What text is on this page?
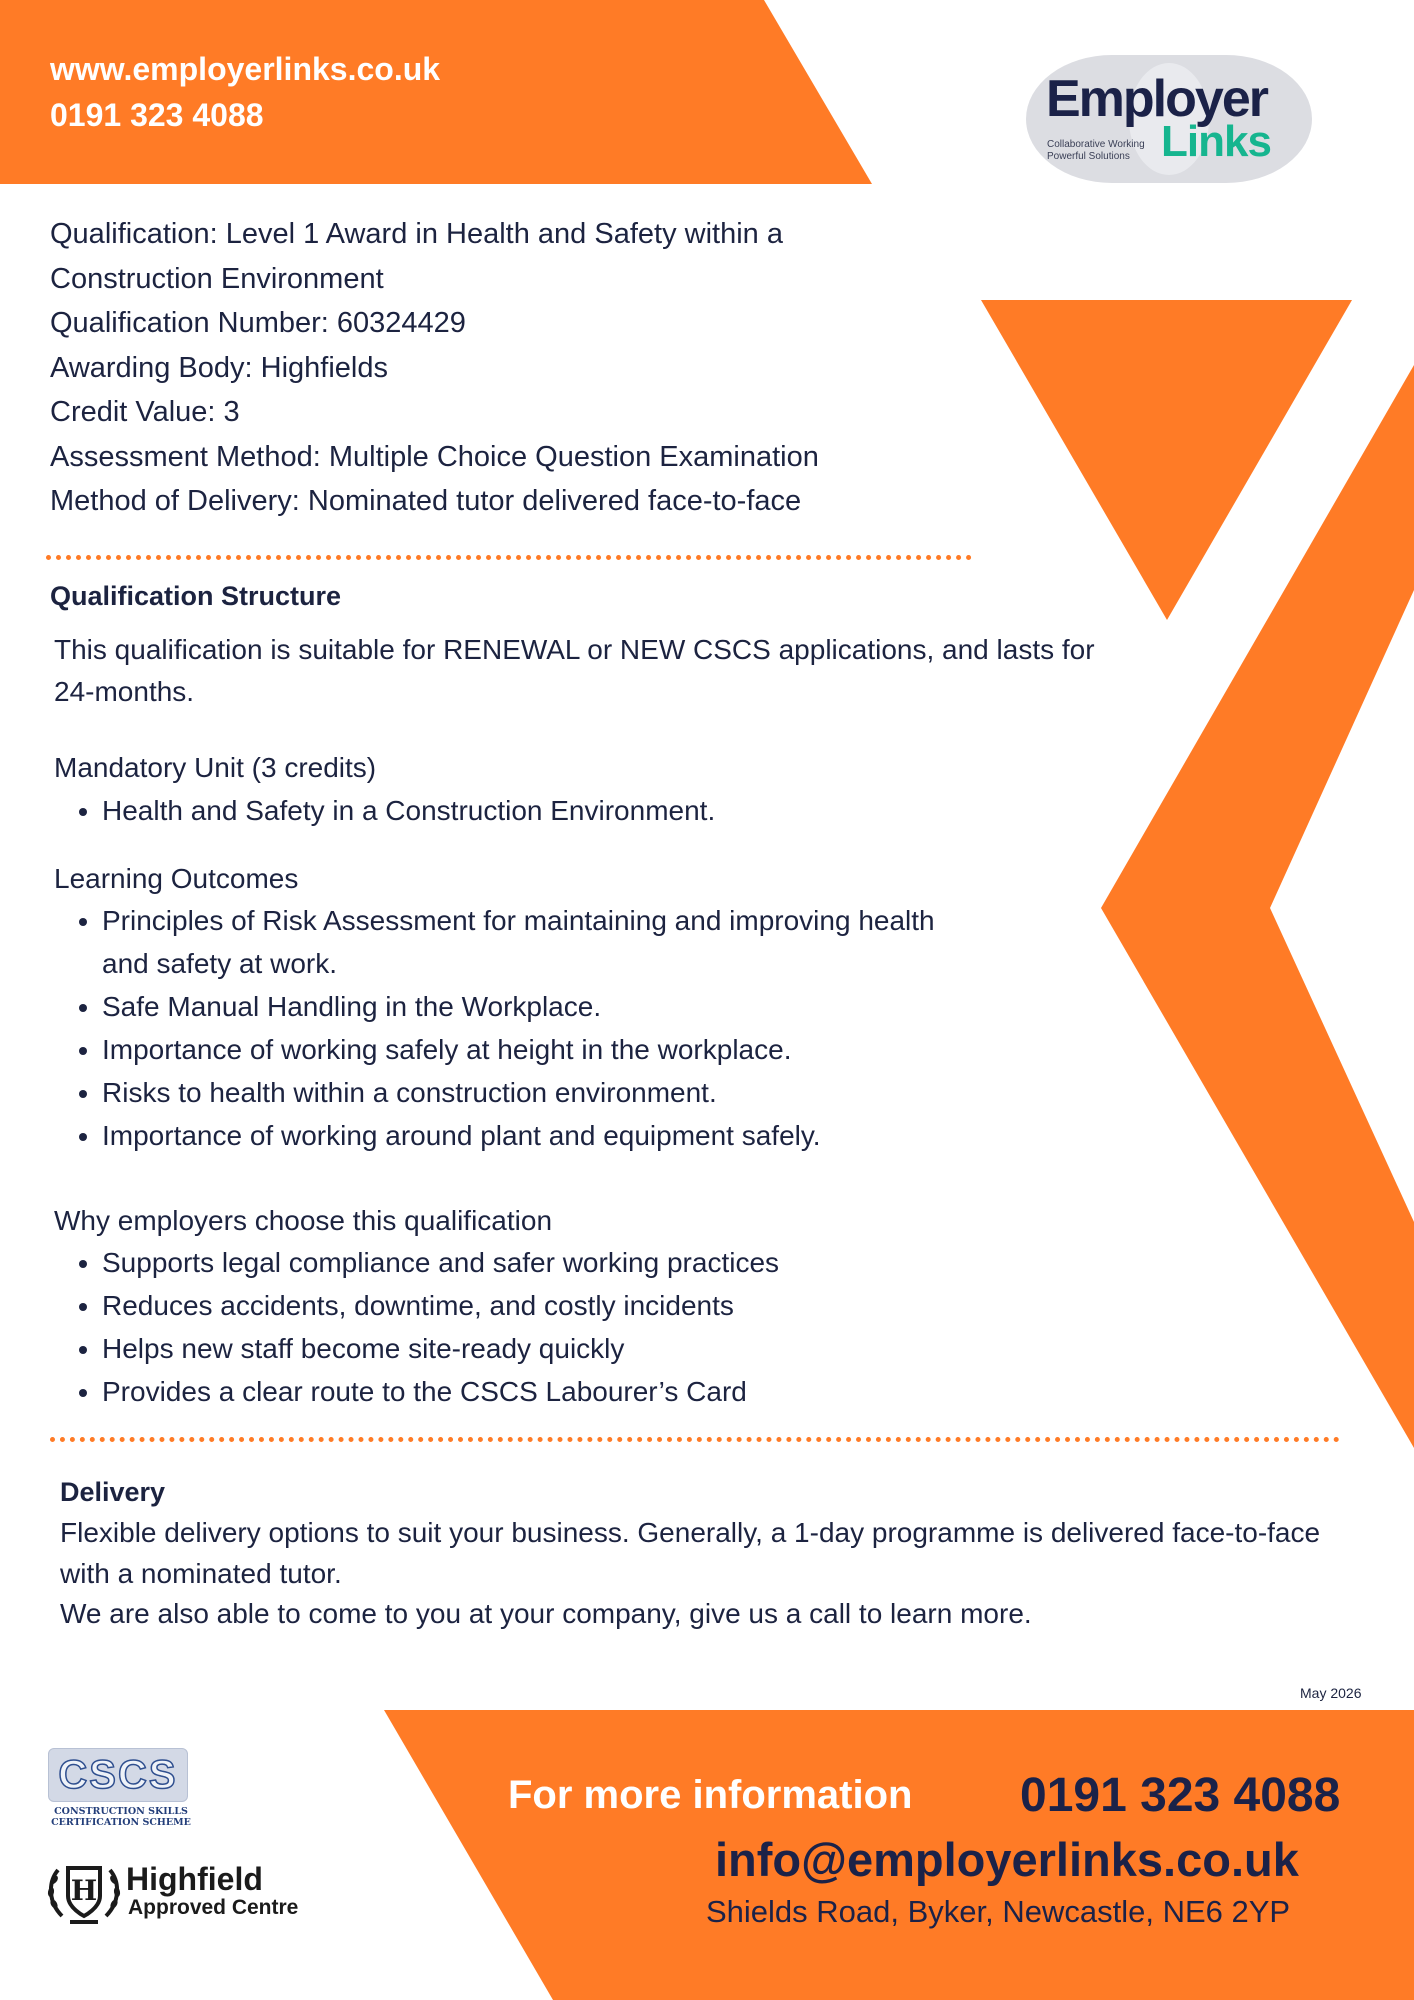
www.employerlinks.co.uk
0191 323 4088	Employer
Collaborative Working
Powerful Solutions Links

Qualification: Level 1 Award in Health and Safety within a

Construction Environment

Qualification Number: 60324429

Awarding Body: Highfields

Credit Value: 3

Assessment Method: Multiple Choice Question Examination

Method of Delivery: Nominated tutor delivered face-to-face

Qualification Structure
This qualification is suitable for RENEWAL or NEW CSCS applications, and lasts for 24-months.
Mandatory Unit (3 credits)
• Health and Safety in a Construction Environment.
Learning Outcomes
• Principles of Risk Assessment for maintaining and improving health and safety at work.
• Safe Manual Handling in the Workplace.
• Importance of working safely at height in the workplace.
• Risks to health within a construction environment.
• Importance of working around plant and equipment safely.
Why employers choose this qualification
• Supports legal compliance and safer working practices
• Reduces accidents, downtime, and costly incidents
• Helps new staff become site-ready quickly
• Provides a clear route to the CSCS Labourer’s Card
Delivery

Flexible delivery options to suit your business. Generally, a 1-day programme is delivered face-to-face with a nominated tutor.

We are also able to come to you at your company, give us a call to learn more.

May 2026
For more information 0191 323 4088
info@employerlinks.co.uk
Shields Road, Byker, Newcastle, NE6 2YP
CSCS
CONSTRUCTION SKILLS
CERTIFICATION SCHEME
H Highfield
Approved Centre
